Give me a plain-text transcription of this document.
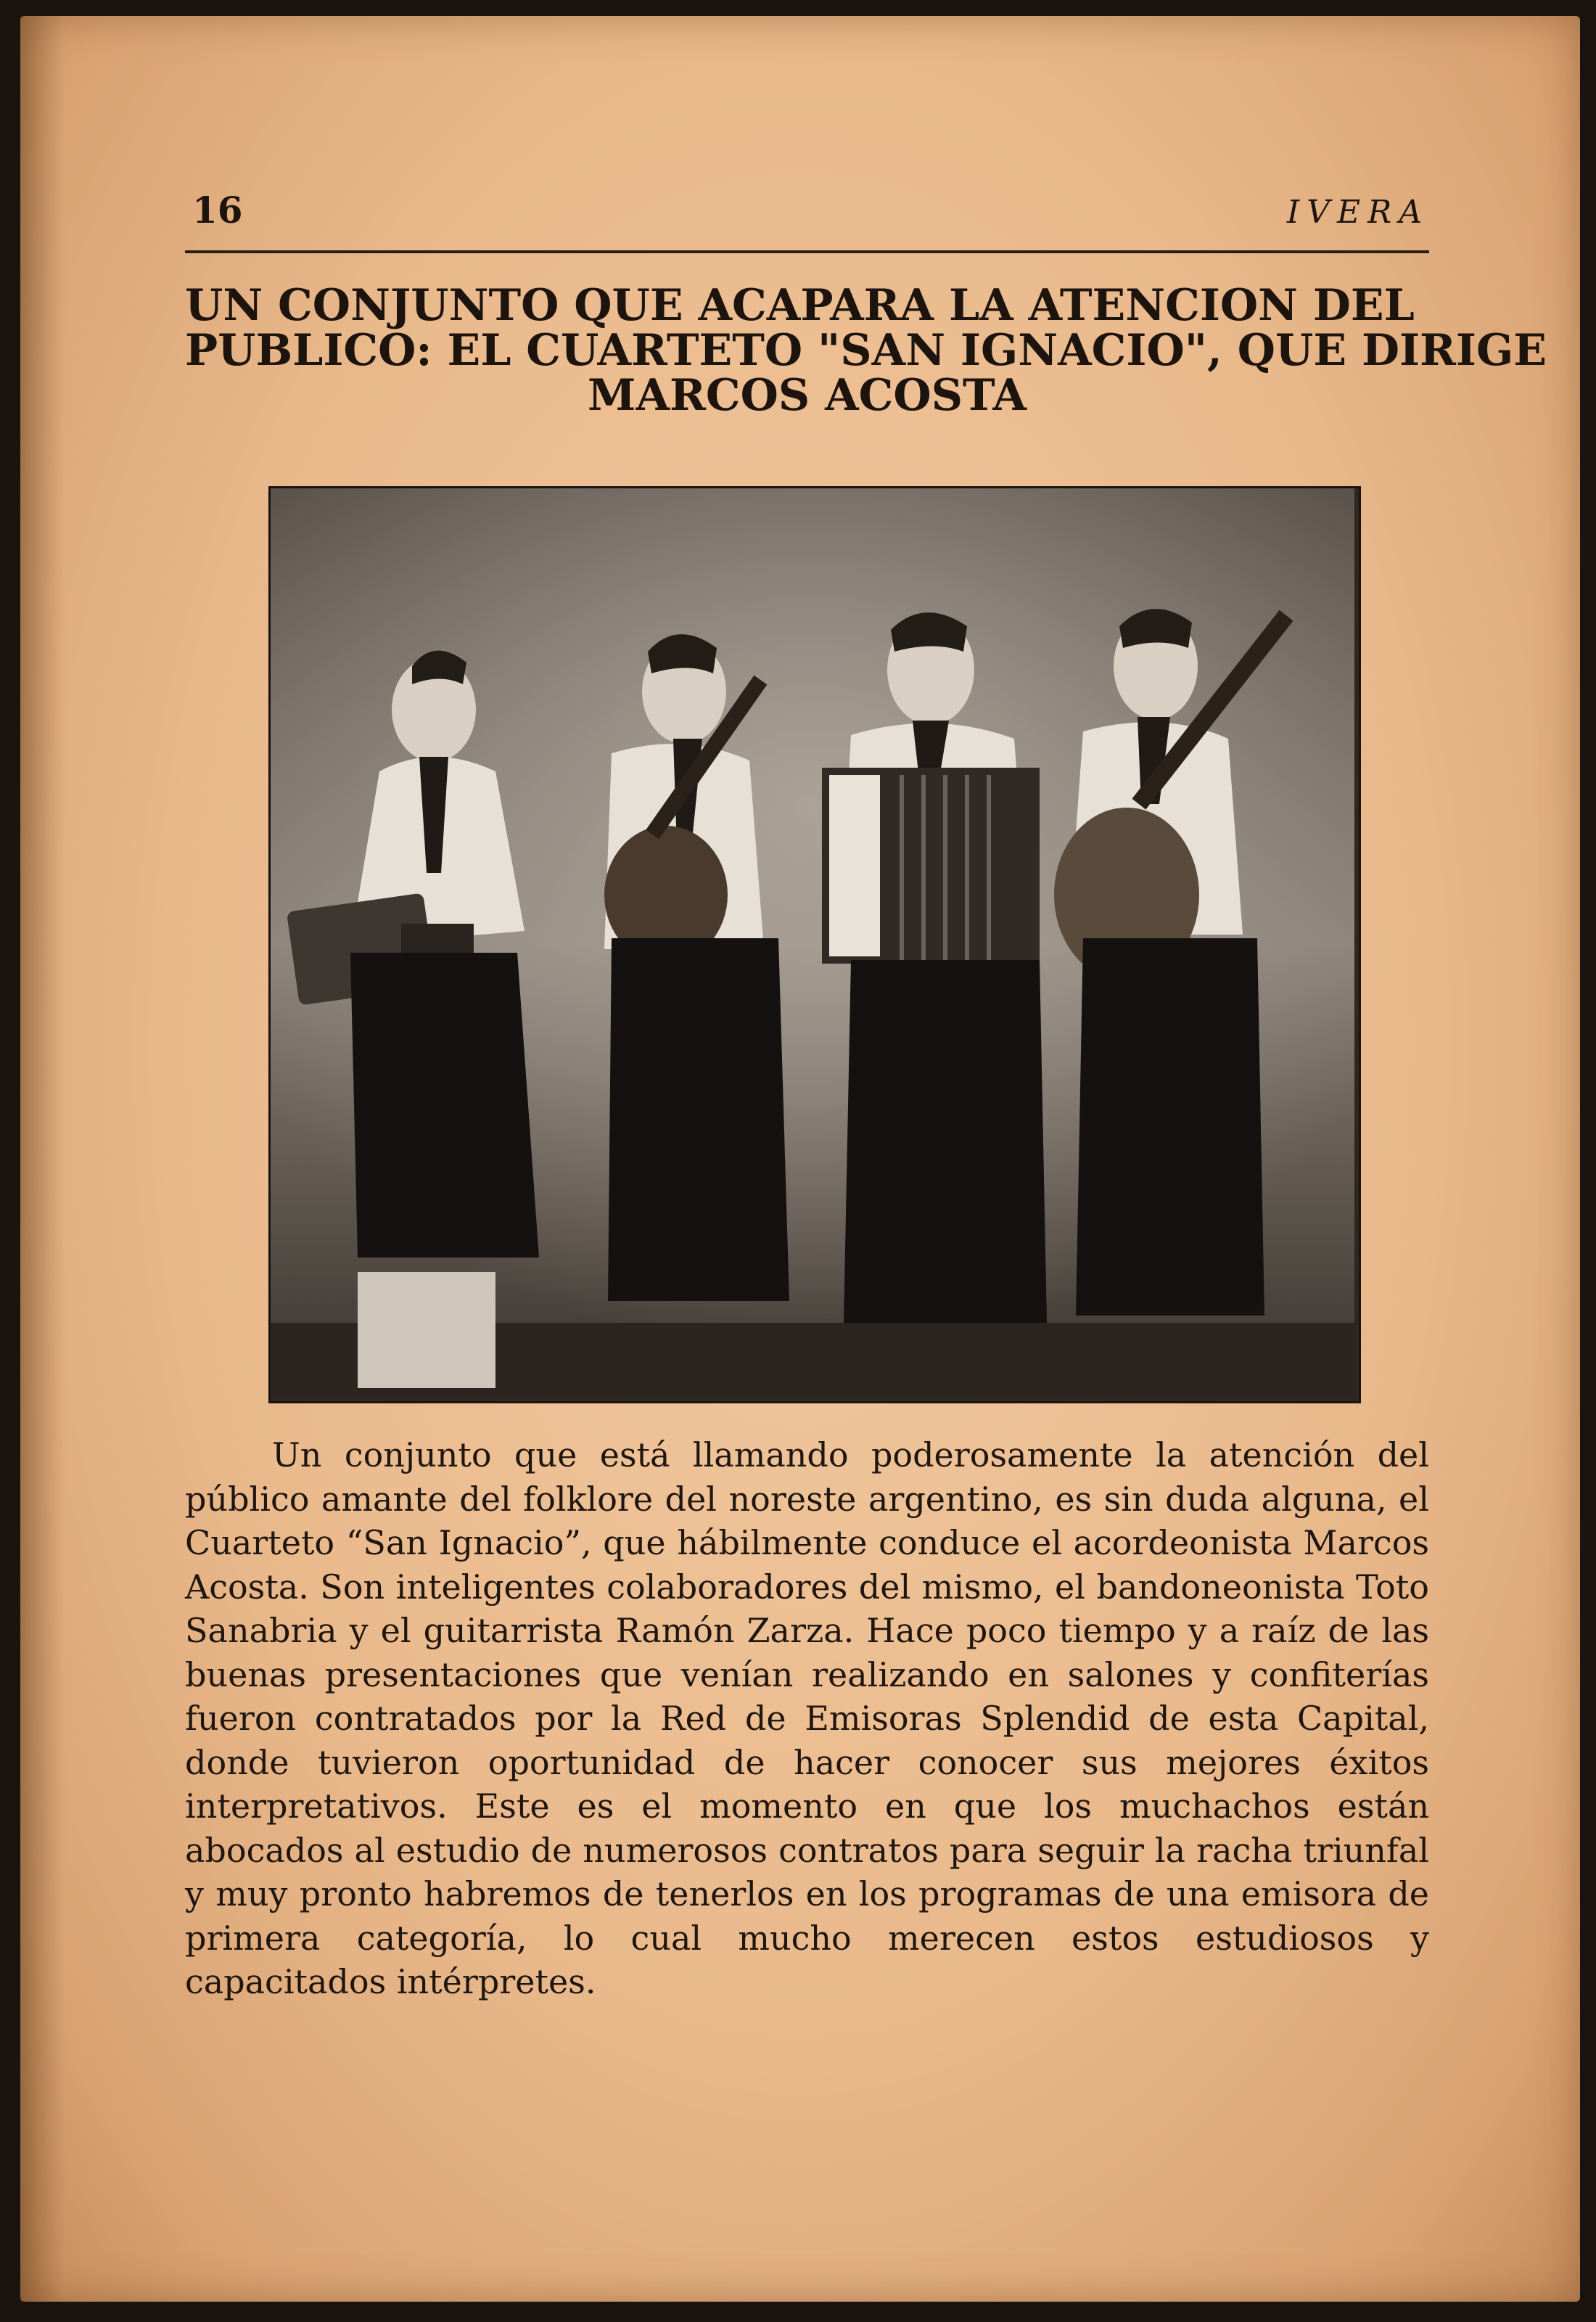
16	IVERA
UN CONJUNTO QUE ACAPARA LA ATENCION DEL
PUBLICO: EL CUARTETO "SAN IGNACIO", QUE DIRIGE
MARCOS ACOSTA

Un conjunto que está llamando poderosamente la atención del público amante del folklore del noreste argentino, es sin duda alguna, el Cuarteto “San Ignacio”, que hábilmente conduce el acordeonista Marcos Acosta. Son inteligentes colaboradores del mismo, el bandoneonista Toto Sanabria y el guitarrista Ramón Zarza. Hace poco tiempo y a raíz de las buenas presentaciones que venían realizando en salones y confiterías fueron contratados por la Red de Emisoras Splendid de esta Capital, donde tuvieron oportunidad de hacer conocer sus mejores éxitos interpretativos. Este es el momento en que los muchachos están abocados al estudio de numerosos contratos para seguir la racha triunfal y muy pronto habremos de tenerlos en los programas de una emisora de primera categoría, lo cual mucho merecen estos estudiosos y capacitados intérpretes.
